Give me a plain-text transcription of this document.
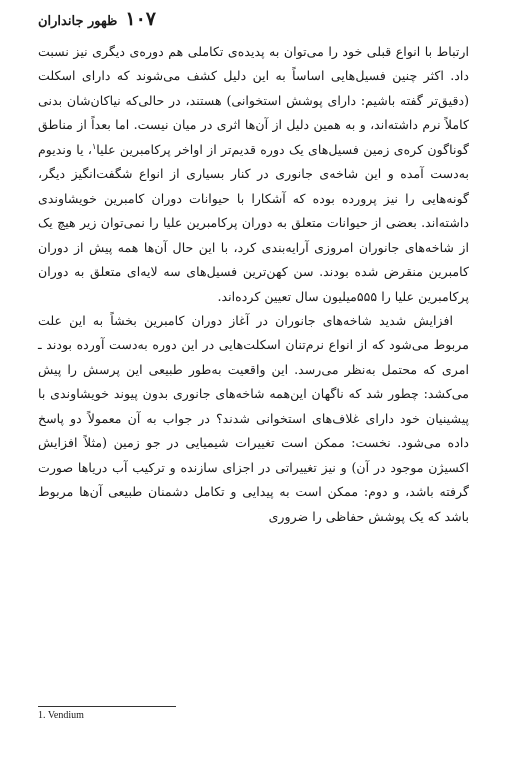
۱۰۷
ظهور جانداران

ارتباط با انواع قبلی خود را می‌توان به پدیده‌ی تکاملی هم دوره‌ی دیگری نیز نسبت داد. اکثر چنین فسیل‌هایی اساساً به این دلیل کشف می‌شوند که دارای اسکلت (دقیق‌تر گفته باشیم: دارای پوشش استخوانی) هستند، در حالی‌که نیاکان‌شان بدنی کاملاً نرم داشته‌اند، و به همین دلیل از آن‌ها اثری در میان نیست. اما بعداً از مناطق گوناگون کره‌ی زمین فسیل‌های یک دوره قدیم‌تر از اواخر پرکامبرین علیا$^۱$، یا وندیوم به‌دست آمده و این شاخه‌ی جانوری در کنار بسیاری از انواع شگفت‌انگیز دیگر، گونه‌هایی را نیز پرورده بوده که آشکارا با حیوانات دوران کامبرین خویشاوندی داشته‌اند. بعضی از حیوانات متعلق به دوران پرکامبرین علیا را نمی‌توان زیر هیچ یک از شاخه‌های جانوران امروزی آرایه‌بندی کرد، با این حال آن‌ها همه پیش از دوران کامبرین منقرض شده بودند. سن کهن‌ترین فسیل‌های سه لایه‌ای متعلق به دوران پرکامبرین علیا را ۵۵۵میلیون سال تعیین کرده‌اند.

افزایش شدید شاخه‌های جانوران در آغاز دوران کامبرین بخشاً به این علت مربوط می‌شود که از انواع نرم‌تنان اسکلت‌هایی در این دوره به‌دست آورده بودند ـ امری که محتمل به‌نظر می‌رسد. این واقعیت به‌طور طبیعی این پرسش را پیش می‌کشد: چطور شد که ناگهان این‌همه شاخه‌های جانوری بدون پیوند خویشاوندی با پیشینیان خود دارای غلاف‌های استخوانی شدند؟ در جواب به آن معمولاً دو پاسخ داده می‌شود. نخست: ممکن است تغییرات شیمیایی در جو زمین (مثلاً افزایش اکسیژن موجود در آن) و نیز تغییراتی در اجزای سازنده و ترکیب آب دریاها صورت گرفته باشد، و دوم: ممکن است به پیدایی و تکامل دشمنان طبیعی آن‌ها مربوط باشد که یک پوشش حفاظی را ضروری

1. Vendium
